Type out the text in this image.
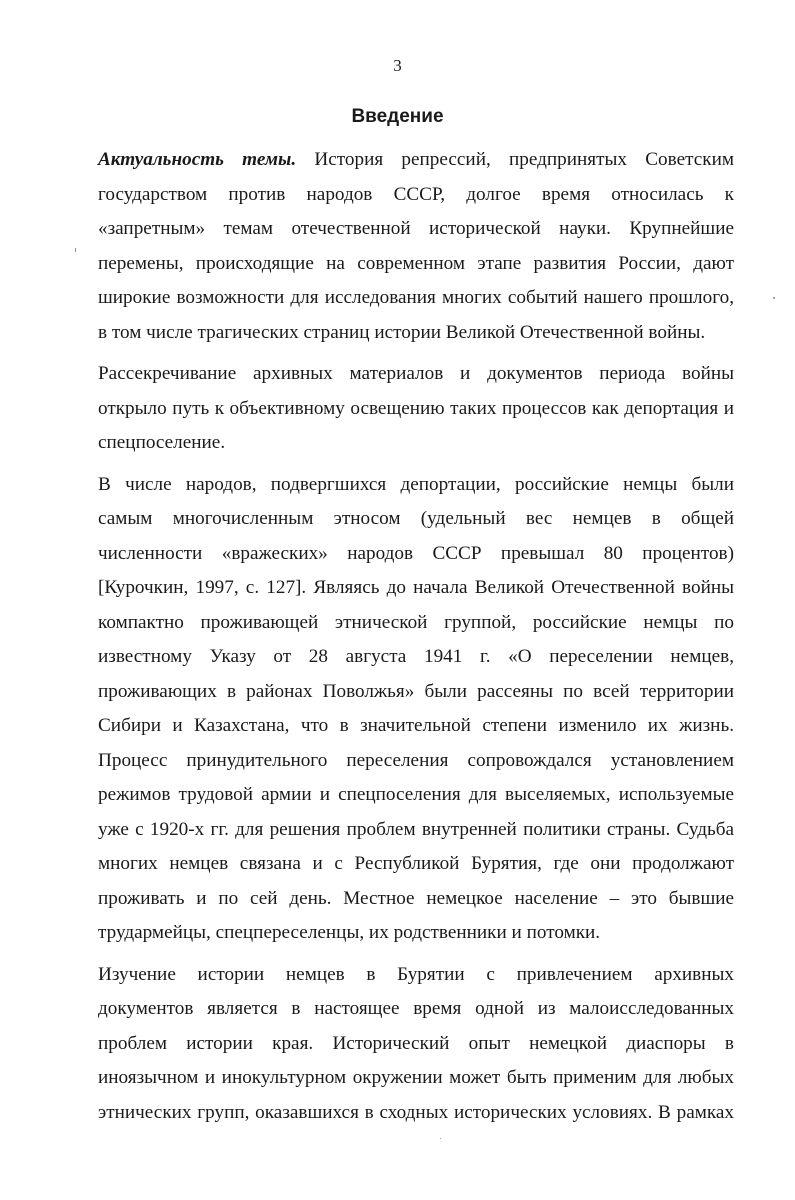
3
Введение
Актуальность темы. История репрессий, предпринятых Советским
государством против народов СССР, долгое время относилась к
«запретным» темам отечественной исторической науки. Крупнейшие
перемены, происходящие на современном этапе развития России, дают
широкие возможности для исследования многих событий нашего прошлого,
в том числе трагических страниц истории Великой Отечественной войны.
Рассекречивание архивных материалов и документов периода войны
открыло путь к объективному освещению таких процессов как депортация и
спецпоселение.
В числе народов, подвергшихся депортации, российские немцы были
самым многочисленным этносом (удельный вес немцев в общей
численности «вражеских» народов СССР превышал 80 процентов)
[Курочкин, 1997, с. 127]. Являясь до начала Великой Отечественной войны
компактно проживающей этнической группой, российские немцы по
известному Указу от 28 августа 1941 г. «О переселении немцев,
проживающих в районах Поволжья» были рассеяны по всей территории
Сибири и Казахстана, что в значительной степени изменило их жизнь.
Процесс принудительного переселения сопровождался установлением
режимов трудовой армии и спецпоселения для выселяемых, используемые
уже с 1920-х гг. для решения проблем внутренней политики страны. Судьба
многих немцев связана и с Республикой Бурятия, где они продолжают
проживать и по сей день. Местное немецкое население – это бывшие
трудармейцы, спецпереселенцы, их родственники и потомки.
Изучение истории немцев в Бурятии с привлечением архивных
документов является в настоящее время одной из малоисследованных
проблем истории края. Исторический опыт немецкой диаспоры в
иноязычном и инокультурном окружении может быть применим для любых
этнических групп, оказавшихся в сходных исторических условиях. В рамках
